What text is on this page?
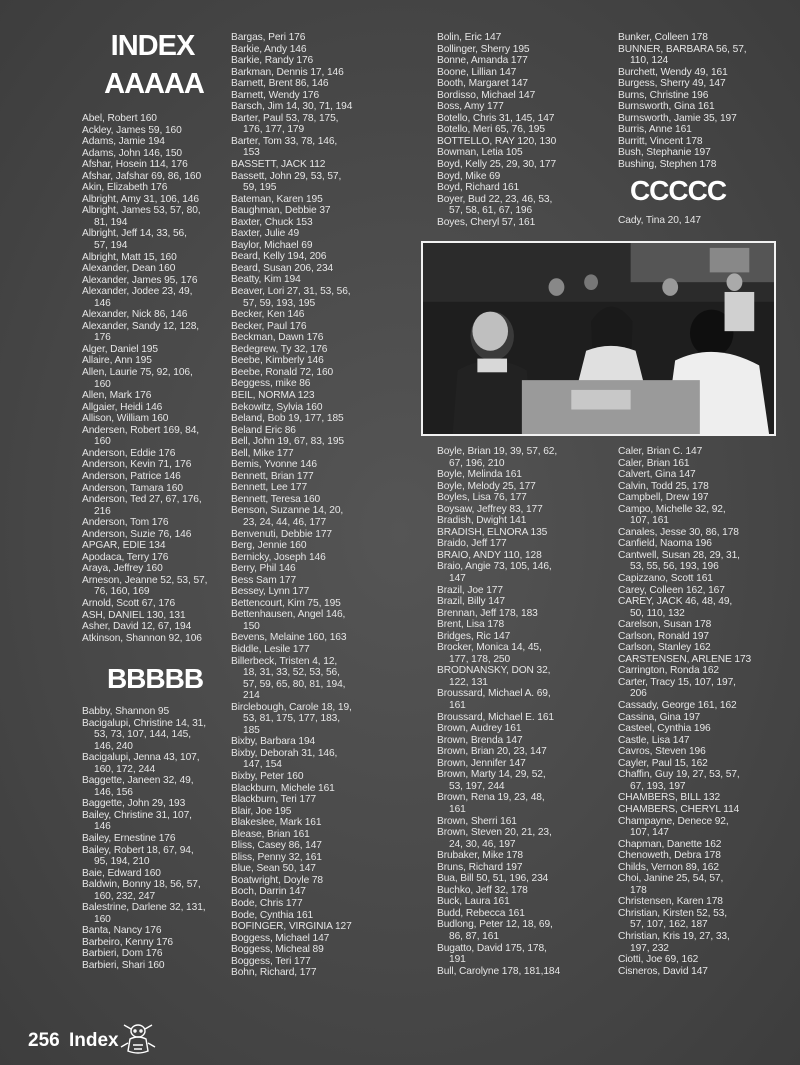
INDEX
AAAAA
BBBBB
CCCCC
Abel, Robert 160
Ackley, James 59, 160
Adams, Jamie 194
Adams, John 146, 150
Afshar, Hosein 114, 176
Afshar, Jafshar 69, 86, 160
Akin, Elizabeth 176
Albright, Amy 31, 106, 146
Albright, James 53, 57, 80,
81, 194
Albright, Jeff 14, 33, 56,
57, 194
Albright, Matt 15, 160
Alexander, Dean 160
Alexander, James 95, 176
Alexander, Jodee 23, 49,
146
Alexander, Nick 86, 146
Alexander, Sandy 12, 128,
176
Alger, Daniel 195
Allaire, Ann 195
Allen, Laurie 75, 92, 106,
160
Allen, Mark 176
Allgaier, Heidi 146
Allison, William 160
Andersen, Robert 169, 84,
160
Anderson, Eddie 176
Anderson, Kevin 71, 176
Anderson, Patrice 146
Anderson, Tamara 160
Anderson, Ted 27, 67, 176,
216
Anderson, Tom 176
Anderson, Suzie 76, 146
APGAR, EDIE 134
Apodaca, Terry 176
Araya, Jeffrey 160
Arneson, Jeanne 52, 53, 57,
76, 160, 169
Arnold, Scott 67, 176
ASH, DANIEL 130, 131
Asher, David 12, 67, 194
Atkinson, Shannon 92, 106
Babby, Shannon 95
Bacigalupi, Christine 14, 31,
53, 73, 107, 144, 145,
146, 240
Bacigalupi, Jenna 43, 107,
160, 172, 244
Baggette, Janeen 32, 49,
146, 156
Baggette, John 29, 193
Bailey, Christine 31, 107,
146
Bailey, Ernestine 176
Bailey, Robert 18, 67, 94,
95, 194, 210
Baie, Edward 160
Baldwin, Bonny 18, 56, 57,
160, 232, 247
Balestrine, Darlene 32, 131,
160
Banta, Nancy 176
Barbeiro, Kenny 176
Barbieri, Dom 176
Barbieri, Shari 160
Bargas, Peri 176
Barkie, Andy 146
Barkie, Randy 176
Barkman, Dennis 17, 146
Barnett, Brent 86, 146
Barnett, Wendy 176
Barsch, Jim 14, 30, 71, 194
Barter, Paul 53, 78, 175,
176, 177, 179
Barter, Tom 33, 78, 146,
153
BASSETT, JACK 112
Bassett, John 29, 53, 57,
59, 195
Bateman, Karen 195
Baughman, Debbie 37
Baxter, Chuck 153
Baxter, Julie 49
Baylor, Michael 69
Beard, Kelly 194, 206
Beard, Susan 206, 234
Beatty, Kim 194
Beaver, Lori 27, 31, 53, 56,
57, 59, 193, 195
Becker, Ken 146
Becker, Paul 176
Beckman, Dawn 176
Bedegrew, Ty 32, 176
Beebe, Kimberly 146
Beebe, Ronald 72, 160
Beggess, mike 86
BEIL, NORMA 123
Bekowitz, Sylvia 160
Beland, Bob 19, 177, 185
Beland Eric 86
Bell, John 19, 67, 83, 195
Bell, Mike 177
Bemis, Yvonne 146
Bennett, Brian 177
Bennett, Lee 177
Bennett, Teresa 160
Benson, Suzanne 14, 20,
23, 24, 44, 46, 177
Benvenuti, Debbie 177
Berg, Jennie 160
Bernicky, Joseph 146
Berry, Phil 146
Bess Sam 177
Bessey, Lynn 177
Bettencourt, Kim 75, 195
Bettenhausen, Angel 146,
150
Bevens, Melaine 160, 163
Biddle, Lesile 177
Billerbeck, Tristen 4, 12,
18, 31, 33, 52, 53, 56,
57, 59, 65, 80, 81, 194,
214
Birclebough, Carole 18, 19,
53, 81, 175, 177, 183,
185
Bixby, Barbara 194
Bixby, Deborah 31, 146,
147, 154
Bixby, Peter 160
Blackburn, Michele 161
Blackburn, Teri 177
Blair, Joe 195
Blakeslee, Mark 161
Blease, Brian 161
Bliss, Casey 86, 147
Bliss, Penny 32, 161
Blue, Sean 50, 147
Boatwright, Doyle 78
Boch, Darrin 147
Bode, Chris 177
Bode, Cynthia 161
BOFINGER, VIRGINIA 127
Boggess, Michael 147
Boggess, Micheal 89
Boggess, Teri 177
Bohn, Richard, 177
Bolin, Eric 147
Bollinger, Sherry 195
Bonne, Amanda 177
Boone, Lillian 147
Booth, Margaret 147
Bordisso, Michael 147
Boss, Amy 177
Botello, Chris 31, 145, 147
Botello, Meri 65, 76, 195
BOTTELLO, RAY 120, 130
Bowman, Letia 105
Boyd, Kelly 25, 29, 30, 177
Boyd, Mike 69
Boyd, Richard 161
Boyer, Bud 22, 23, 46, 53,
57, 58, 61, 67, 196
Boyes, Cheryl 57, 161
Boyle, Brian 19, 39, 57, 62,
67, 196, 210
Boyle, Melinda 161
Boyle, Melody 25, 177
Boyles, Lisa 76, 177
Boysaw, Jeffrey 83, 177
Bradish, Dwight 141
BRADISH, ELNORA 135
Braido, Jeff 177
BRAIO, ANDY 110, 128
Braio, Angie 73, 105, 146,
147
Brazil, Joe 177
Brazil, Billy 147
Brennan, Jeff 178, 183
Brent, Lisa 178
Bridges, Ric 147
Brocker, Monica 14, 45,
177, 178, 250
BRODNANSKY, DON 32,
122, 131
Broussard, Michael A. 69,
161
Broussard, Michael E. 161
Brown, Audrey 161
Brown, Brenda 147
Brown, Brian 20, 23, 147
Brown, Jennifer 147
Brown, Marty 14, 29, 52,
53, 197, 244
Brown, Rena 19, 23, 48,
161
Brown, Sherri 161
Brown, Steven 20, 21, 23,
24, 30, 46, 197
Brubaker, Mike 178
Bruns, Richard 197
Bua, Bill 50, 51, 196, 234
Buchko, Jeff 32, 178
Buck, Laura 161
Budd, Rebecca 161
Budlong, Peter 12, 18, 69,
86, 87, 161
Bugatto, David 175, 178,
191
Bull, Carolyne 178, 181,184
Bunker, Colleen 178
BUNNER, BARBARA 56, 57,
110, 124
Burchett, Wendy 49, 161
Burgess, Sherry 49, 147
Burns, Christine 196
Burnsworth, Gina 161
Burnsworth, Jamie 35, 197
Burris, Anne 161
Burritt, Vincent 178
Bush, Stephanie 197
Bushing, Stephen 178
Cady, Tina 20, 147
Caler, Brian C. 147
Caler, Brian 161
Calvert, Gina 147
Calvin, Todd 25, 178
Campbell, Drew 197
Campo, Michelle 32, 92,
107, 161
Canales, Jesse 30, 86, 178
Canfield, Naoma 196
Cantwell, Susan 28, 29, 31,
53, 55, 56, 193, 196
Capizzano, Scott 161
Carey, Colleen 162, 167
CAREY, JACK 46, 48, 49,
50, 110, 132
Carelson, Susan 178
Carlson, Ronald 197
Carlson, Stanley 162
CARSTENSEN, ARLENE 173
Carrington, Ronda 162
Carter, Tracy 15, 107, 197,
206
Cassady, George 161, 162
Cassina, Gina 197
Casteel, Cynthia 196
Castle, Lisa 147
Cavros, Steven 196
Cayler, Paul 15, 162
Chaffin, Guy 19, 27, 53, 57,
67, 193, 197
CHAMBERS, BILL 132
CHAMBERS, CHERYL 114
Champayne, Denece 92,
107, 147
Chapman, Danette 162
Chenoweth, Debra 178
Childs, Vernon 89, 162
Choi, Janine 25, 54, 57,
178
Christensen, Karen 178
Christian, Kirsten 52, 53,
57, 107, 162, 187
Christian, Kris 19, 27, 33,
197, 232
Ciotti, Joe 69, 162
Cisneros, David 147
256 Index
